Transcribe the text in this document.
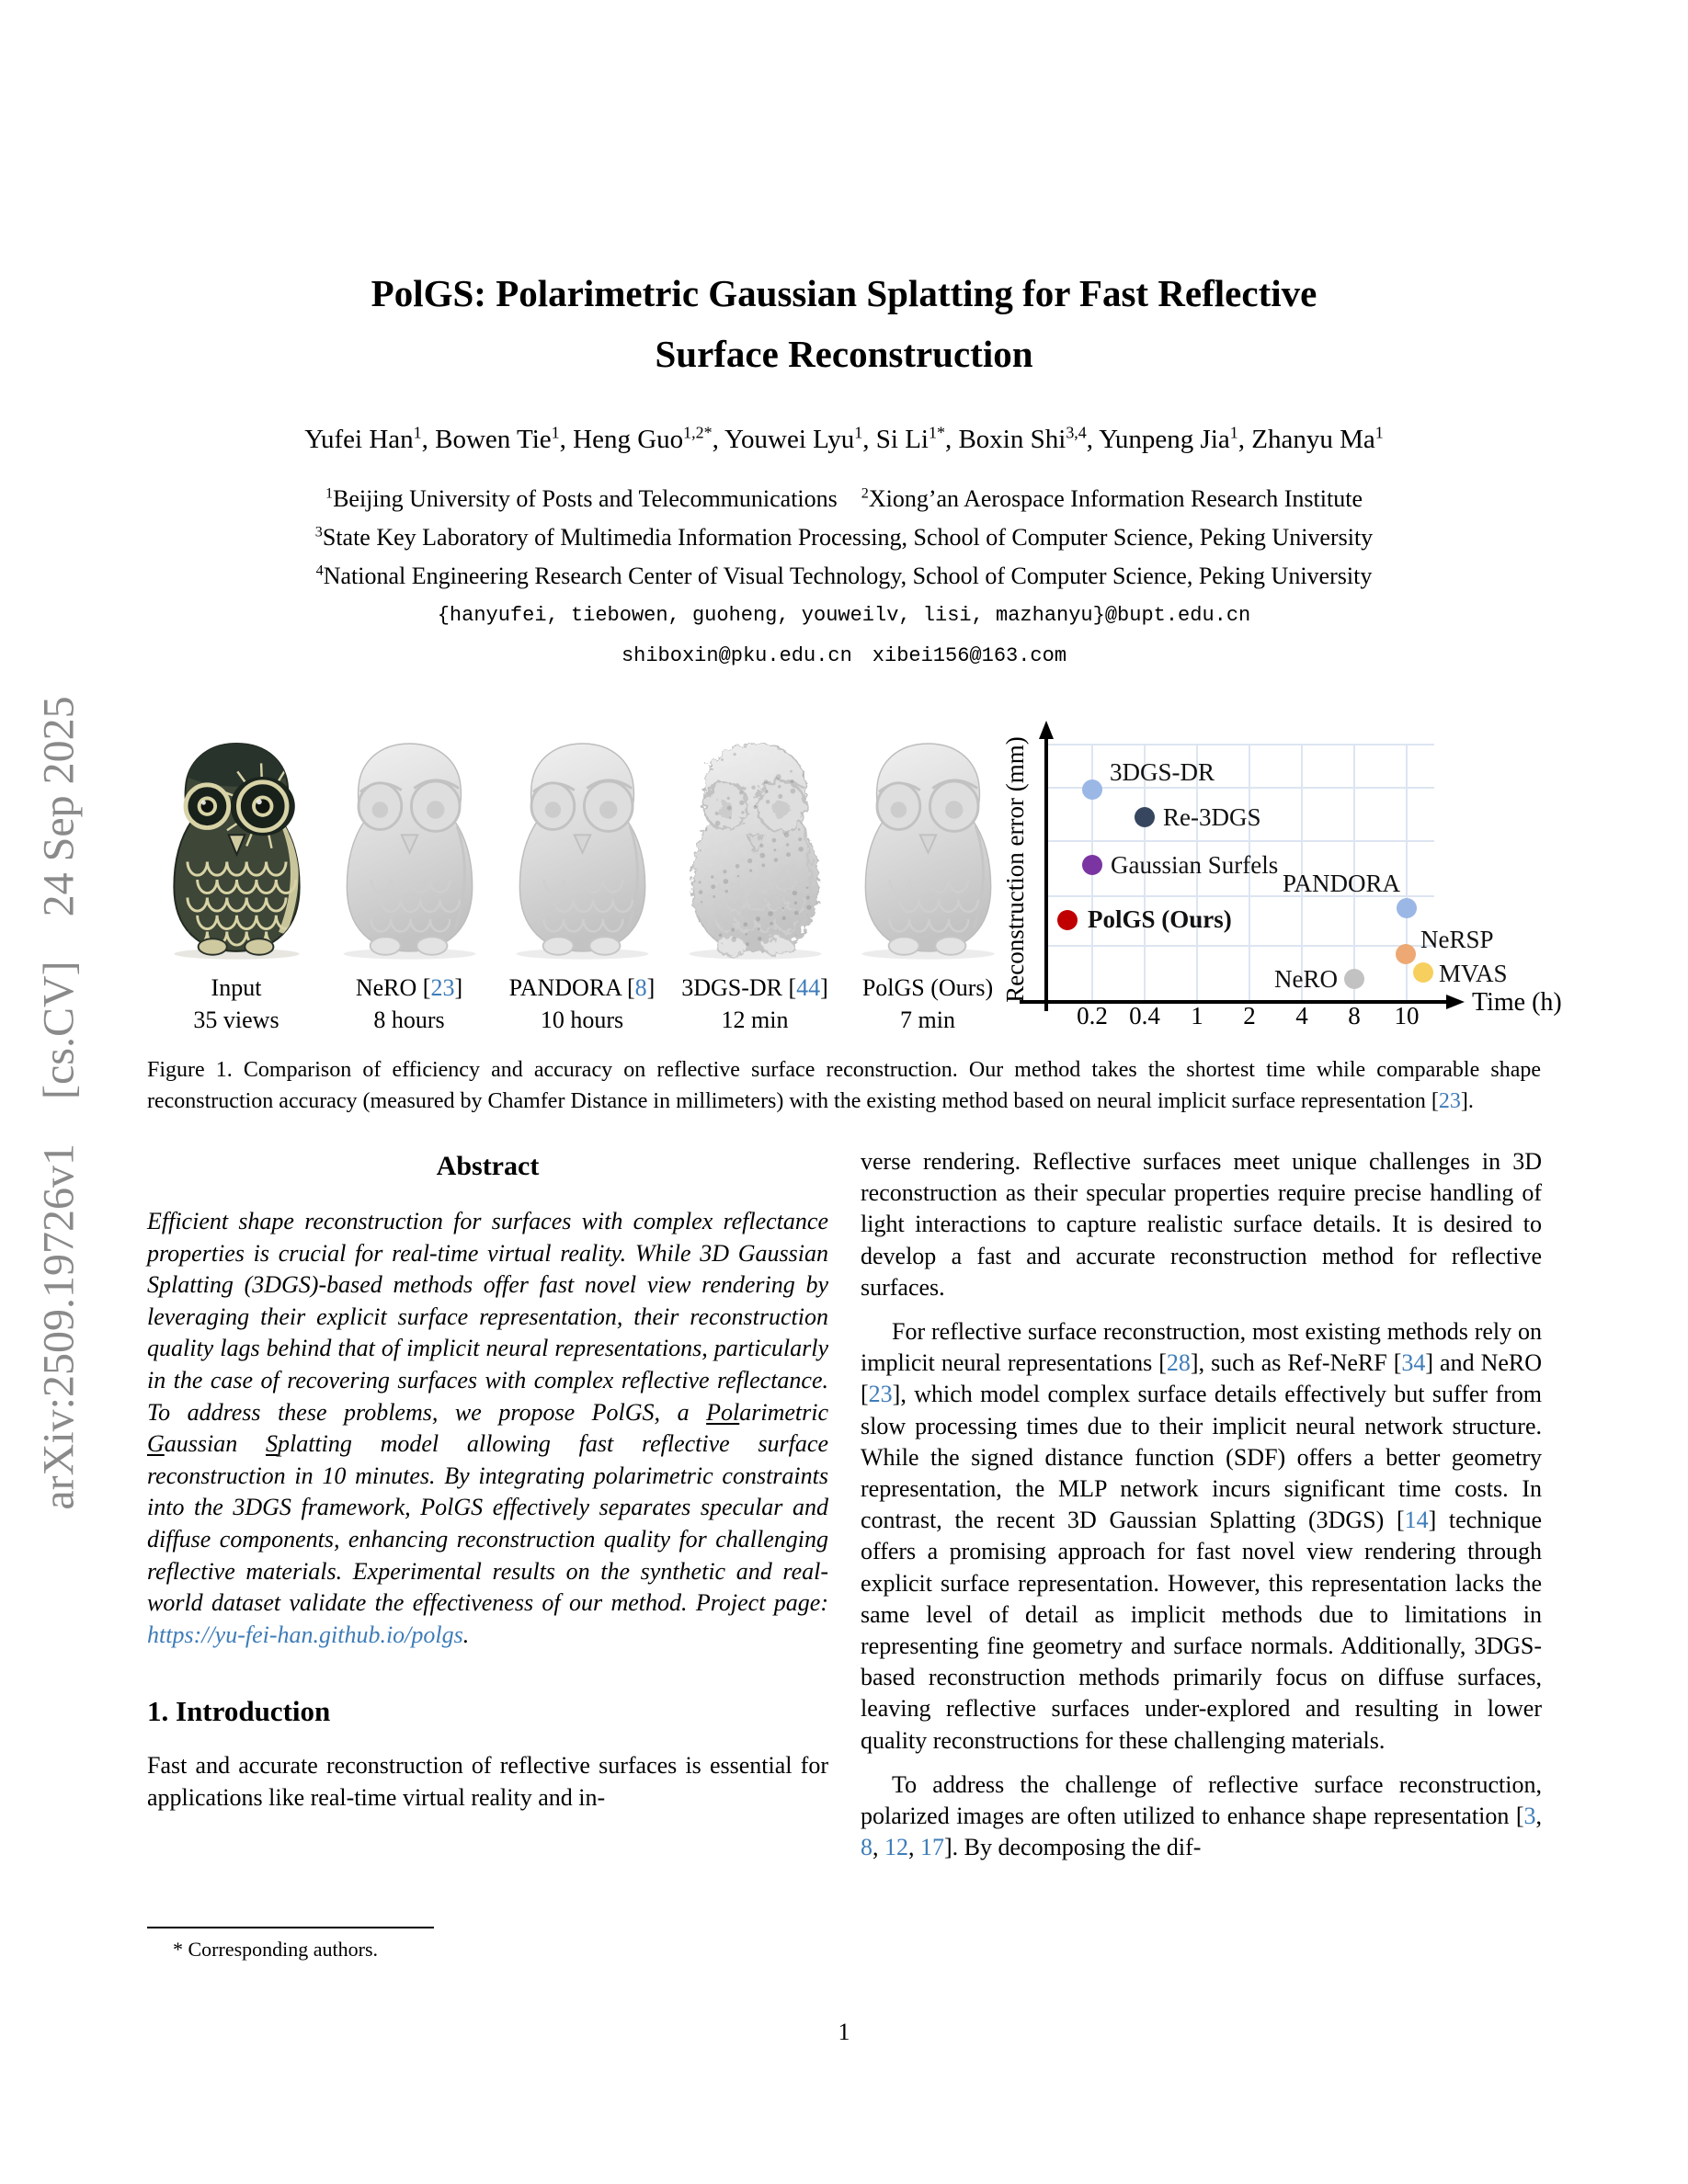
arXiv:2509.19726v1  [cs.CV]  24 Sep 2025
PolGS: Polarimetric Gaussian Splatting for Fast Reflective
Surface Reconstruction
Yufei Han$^1$, Bowen Tie$^1$, Heng Guo$^{1,2*}$, Youwei Lyu$^1$, Si $Li^{1*}$, Boxin Shi$^{3,4}$, Yunpeng Jia$^1$, Zhanyu Ma$^1$
$^1$Beijing University of Posts and Telecommunications $^2$Xiong’an Aerospace Information Research Institute
$^3$State Key Laboratory of Multimedia Information Processing, School of Computer Science, Peking University
$^4$National Engineering Research Center of Visual Technology, School of Computer Science, Peking University
{hanyufei, tiebowen, guoheng, youweilv, lisi, mazhanyu}@bupt.edu.cn
shiboxin@pku.edu.cn xibei156@163.com
Input
35 views
NeRO [23]
8 hours
PANDORA [8]
10 hours
3DGS-DR [44]
12 min
PolGS (Ours)
7 min	0.2 0.4 1 2 4 8 10
Reconstruction error (mm)	Time (h)
3DGS-DR
Re-3DGS
Gaussian Surfels
PolGS (Ours)
PANDORA
NeRSP
NeRO	MVAS
Figure 1. Comparison of efficiency and accuracy on reflective surface reconstruction. Our method takes the shortest time while comparable shape reconstruction accuracy (measured by Chamfer Distance in millimeters) with the existing method based on neural implicit surface representation [23].
Abstract

Efficient shape reconstruction for surfaces with complex reflectance properties is crucial for real-time virtual reality. While 3D Gaussian Splatting (3DGS)-based methods offer fast novel view rendering by leveraging their explicit surface representation, their reconstruction quality lags behind that of implicit neural representations, particularly in the case of recovering surfaces with complex reflective reflectance. To address these problems, we propose PolGS, a Polarimetric Gaussian Splatting model allowing fast reflective surface reconstruction in 10 minutes. By integrating polarimetric constraints into the 3DGS framework, PolGS effectively separates specular and diffuse components, enhancing reconstruction quality for challenging reflective materials. Experimental results on the synthetic and real-world dataset validate the effectiveness of our method. Project page: https://yu-fei-han.github.io/polgs.

1. Introduction

Fast and accurate reconstruction of reflective surfaces is essential for applications like real-time virtual reality and in-

verse rendering. Reflective surfaces meet unique challenges in 3D reconstruction as their specular properties require precise handling of light interactions to capture realistic surface details. It is desired to develop a fast and accurate reconstruction method for reflective surfaces.

For reflective surface reconstruction, most existing methods rely on implicit neural representations [28], such as Ref-NeRF [34] and NeRO [23], which model complex surface details effectively but suffer from slow processing times due to their implicit neural network structure. While the signed distance function (SDF) offers a better geometry representation, the MLP network incurs significant time costs. In contrast, the recent 3D Gaussian Splatting (3DGS) [14] technique offers a promising approach for fast novel view rendering through explicit surface representation. However, this representation lacks the same level of detail as implicit methods due to limitations in representing fine geometry and surface normals. Additionally, 3DGS-based reconstruction methods primarily focus on diffuse surfaces, leaving reflective surfaces under-explored and resulting in lower quality reconstructions for these challenging materials.

To address the challenge of reflective surface reconstruction, polarized images are often utilized to enhance shape representation [3, 8, 12, 17]. By decomposing the dif-

* Corresponding authors.
1
